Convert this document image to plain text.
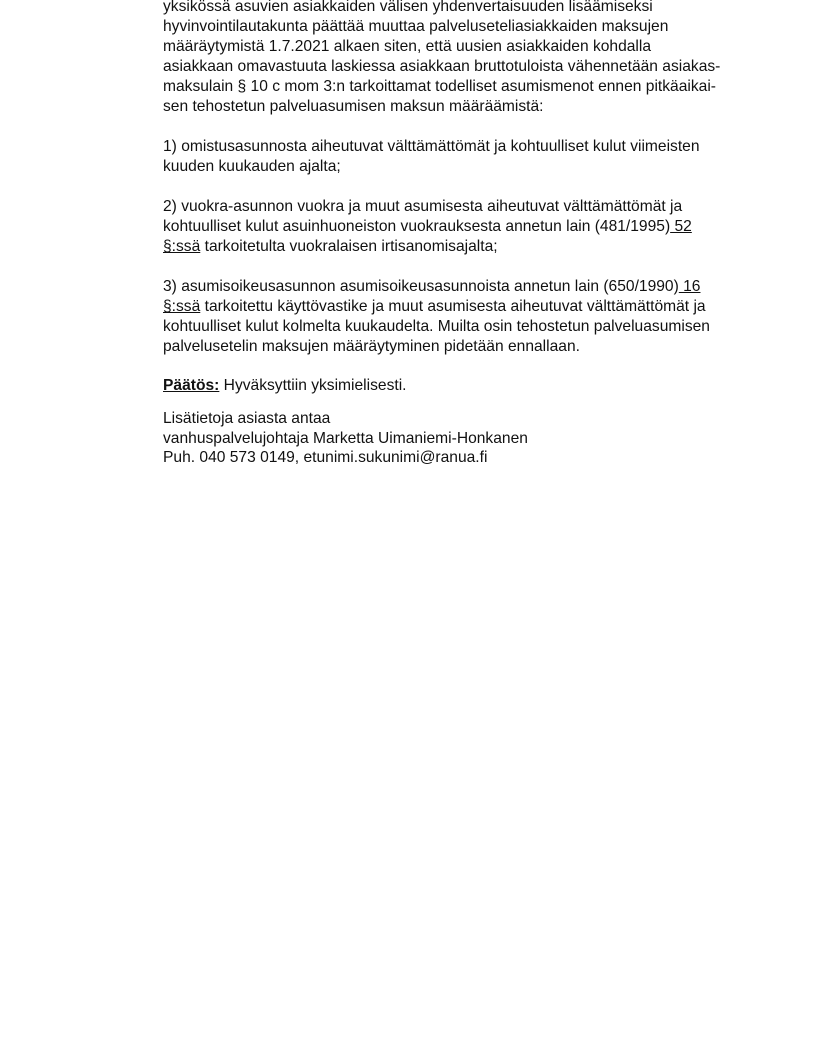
yksikössä asuvien asiakkaiden välisen yhdenvertaisuuden lisäämiseksi
hyvinvointilautakunta päättää muuttaa palveluseteliasiakkaiden maksujen
määräytymistä 1.7.2021 alkaen siten, että uusien asiakkaiden kohdalla
asiakkaan omavastuuta laskiessa asiakkaan bruttotuloista vähennetään asiakas-
maksulain § 10 c mom 3:n tarkoittamat todelliset asumismenot ennen pitkäaikai-
sen tehostetun palveluasumisen maksun määräämistä:
1) omistusasunnosta aiheutuvat välttämättömät ja kohtuulliset kulut viimeisten
kuuden kuukauden ajalta;
2) vuokra-asunnon vuokra ja muut asumisesta aiheutuvat välttämättömät ja
kohtuulliset kulut asuinhuoneiston vuokrauksesta annetun lain (481/1995) 52
§:ssä tarkoitetulta vuokralaisen irtisanomisajalta;
3) asumisoikeusasunnon asumisoikeusasunnoista annetun lain (650/1990) 16
§:ssä tarkoitettu käyttövastike ja muut asumisesta aiheutuvat välttämättömät ja
kohtuulliset kulut kolmelta kuukaudelta. Muilta osin tehostetun palveluasumisen
palvelusetelin maksujen määräytyminen pidetään ennallaan.
Päätös: Hyväksyttiin yksimielisesti.
Lisätietoja asiasta antaa
vanhuspalvelujohtaja Marketta Uimaniemi-Honkanen
Puh. 040 573 0149, etunimi.sukunimi@ranua.fi
